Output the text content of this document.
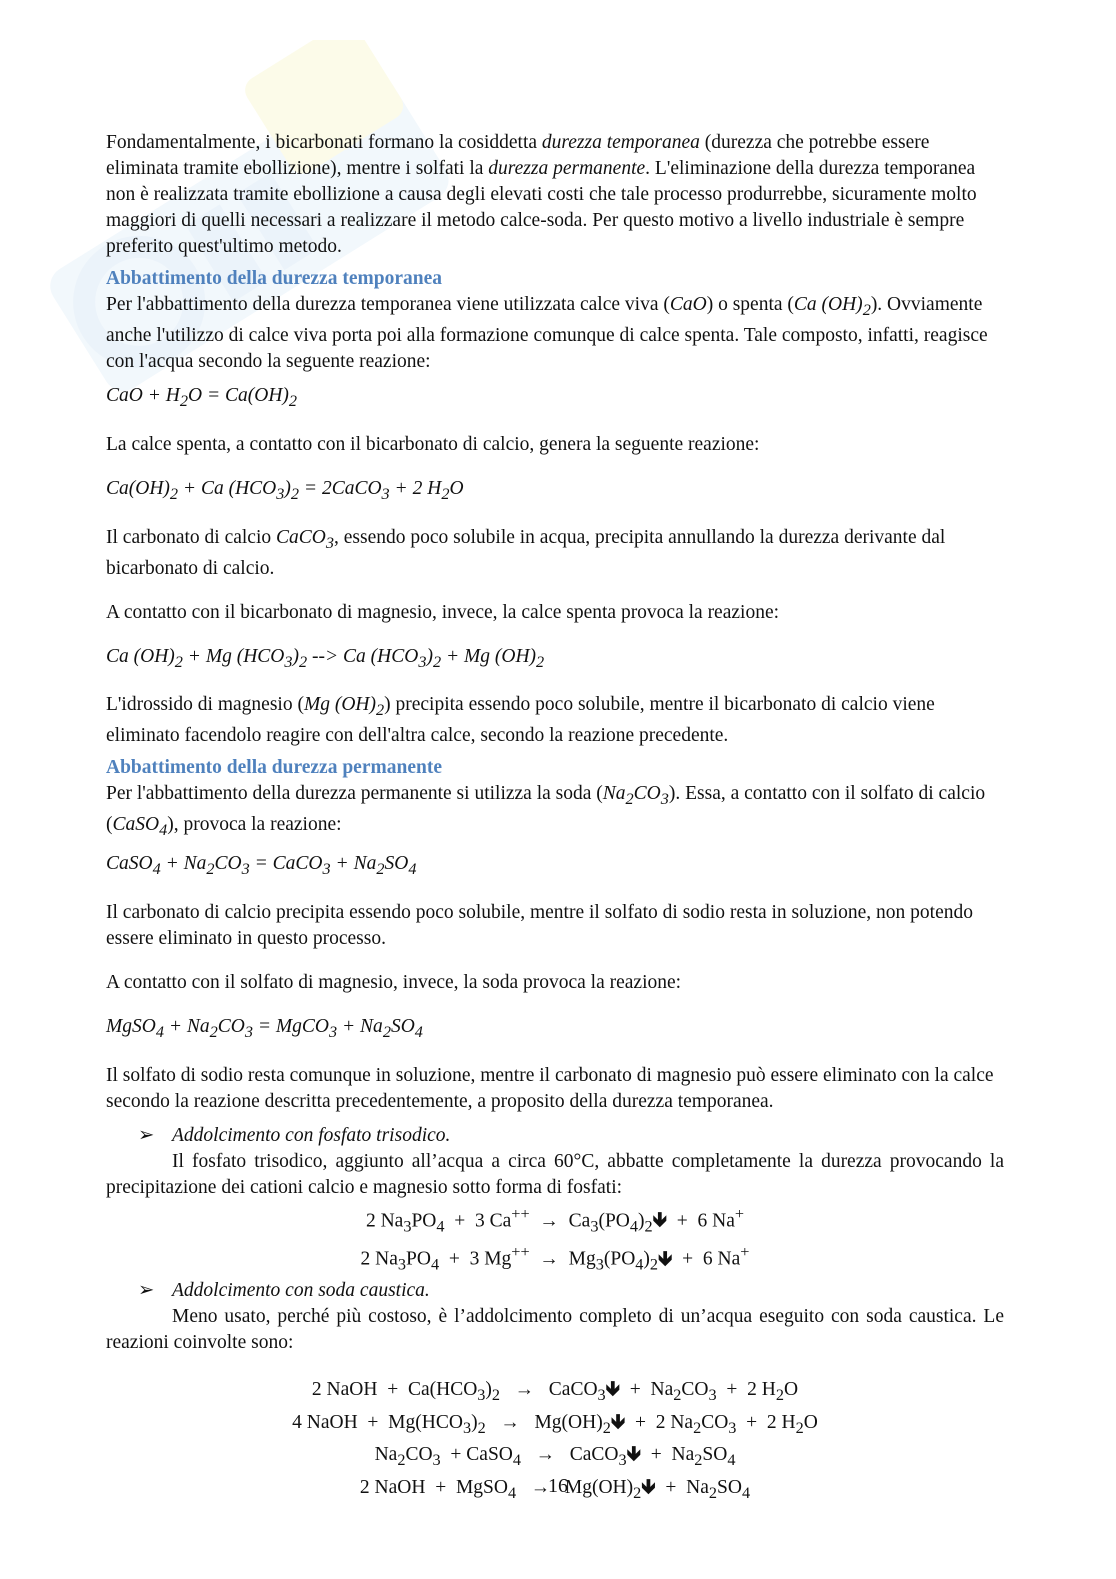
Fondamentalmente, i bicarbonati formano la cosiddetta durezza temporanea (durezza che potrebbe essere eliminata tramite ebollizione), mentre i solfati la durezza permanente. L'eliminazione della durezza temporanea non è realizzata tramite ebollizione a causa degli elevati costi che tale processo produrrebbe, sicuramente molto maggiori di quelli necessari a realizzare il metodo calce-soda. Per questo motivo a livello industriale è sempre preferito quest'ultimo metodo.

Abbattimento della durezza temporanea

Per l'abbattimento della durezza temporanea viene utilizzata calce viva (CaO) o spenta (Ca $(OH)_2$). Ovviamente anche l'utilizzo di calce viva porta poi alla formazione comunque di calce spenta. Tale composto, infatti, reagisce con l'acqua secondo la seguente reazione:

CaO + $H_2O = Ca(OH)_2$

La calce spenta, a contatto con il bicarbonato di calcio, genera la seguente reazione:

$Ca(OH)_2 + Ca$ $(HCO_3)_2$ = 2CaCO$_3$ + 2 $H_2O$

Il carbonato di calcio CaCO$_3$, essendo poco solubile in acqua, precipita annullando la durezza derivante dal bicarbonato di calcio.

A contatto con il bicarbonato di magnesio, invece, la calce spenta provoca la reazione:

Ca $(OH)_2 + Mg$ $(HCO_3)_2$ --> Ca $(HCO_3)_2 + Mg$ $(OH)_2$

L'idrossido di magnesio (Mg $(OH)_2$) precipita essendo poco solubile, mentre il bicarbonato di calcio viene eliminato facendolo reagire con dell'altra calce, secondo la reazione precedente.

Abbattimento della durezza permanente

Per l'abbattimento della durezza permanente si utilizza la soda $(Na_2CO_3)$. Essa, a contatto con il solfato di calcio (CaSO$_4$), provoca la reazione:

CaSO$_4$ + $Na_2CO_3$ = CaCO$_3$ + $Na_2SO_4$

Il carbonato di calcio precipita essendo poco solubile, mentre il solfato di sodio resta in soluzione, non potendo essere eliminato in questo processo.

A contatto con il solfato di magnesio, invece, la soda provoca la reazione:

MgSO$_4$ + $Na_2CO_3$ = MgCO$_3$ + $Na_2SO_4$

Il solfato di sodio resta comunque in soluzione, mentre il carbonato di magnesio può essere eliminato con la calce secondo la reazione descritta precedentemente, a proposito della durezza temporanea.

➢ Addolcimento con fosfato trisodico.

Il fosfato trisodico, aggiunto all’acqua a circa 60°C, abbatte completamente la durezza provocando la precipitazione dei cationi calcio e magnesio sotto forma di fosfati:

2 $Na_3PO_4 + 3$ $Ca^{++} \to Ca_3(PO_4)_2🡻 + 6$ Na+
2 $Na_3PO_4 + 3$ $Mg^{++} \to Mg_3(PO_4)_2🡻 + 6$ Na+

➢ Addolcimento con soda caustica.

Meno usato, perché più costoso, è l’addolcimento completo di un’acqua eseguito con soda caustica. Le reazioni coinvolte sono:

2 NaOH + $Ca(HCO_3)_2$ → CaCO$_3$🡻 + $Na_2CO_3 + 2$ $H_2O$
4 NaOH + $Mg(HCO_3)_2$ → $Mg(OH)_2🡻 + 2$ $Na_2CO_3 + 2$ $H_2O$
$Na_2CO_3$ + CaSO$_4$ → CaCO$_3$🡻 + $Na_2SO_4$
2 NaOH + MgSO$_4$ → $Mg(OH)_2🡻 + Na_2SO_4$
16
